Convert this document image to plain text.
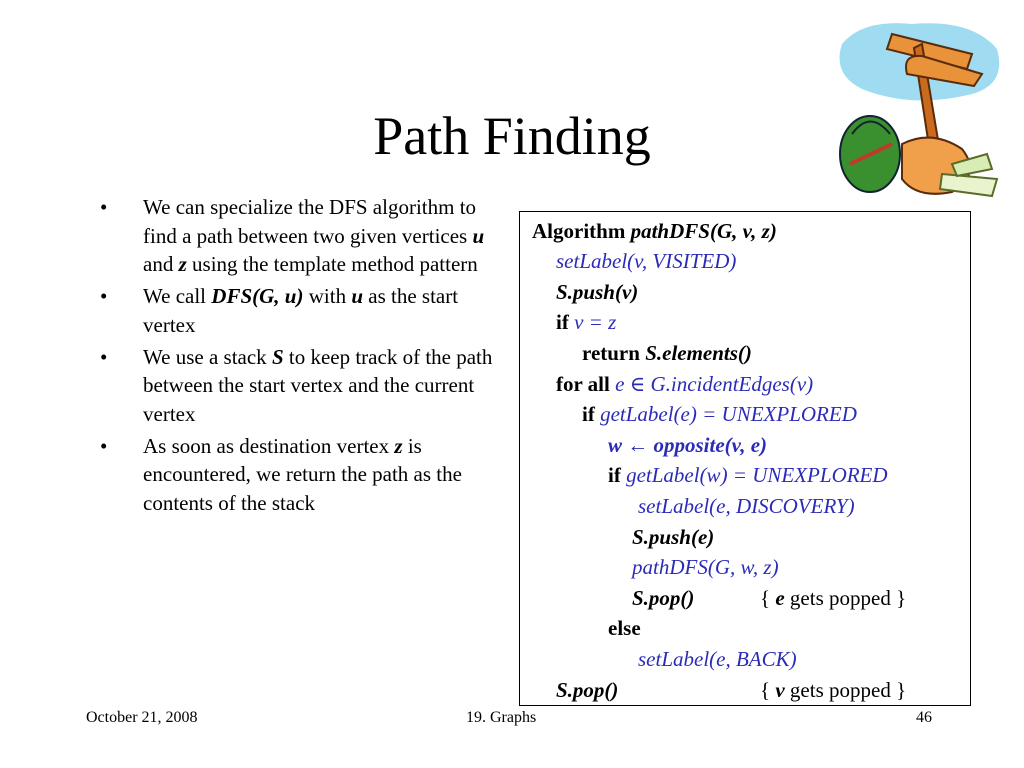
Path Finding
• We can specialize the DFS algorithm to find a path between two given vertices u and z using the template method pattern
• We call DFS(G, u) with u as the start vertex
• We use a stack S to keep track of the path between the start vertex and the current vertex
• As soon as destination vertex z is encountered, we return the path as the contents of the stack
Algorithm pathDFS(G, v, z)
setLabel(v, VISITED)
S.push(v)
if v = z
return S.elements()
for all e ∈ G.incidentEdges(v)
if getLabel(e) = UNEXPLORED
w ← opposite(v, e)
if getLabel(w) = UNEXPLORED
setLabel(e, DISCOVERY)
S.push(e)
pathDFS(G, w, z)
S.pop()	{ e gets popped }
else
setLabel(e, BACK)
S.pop()	{ v gets popped }
October 21, 2008	19. Graphs	46
